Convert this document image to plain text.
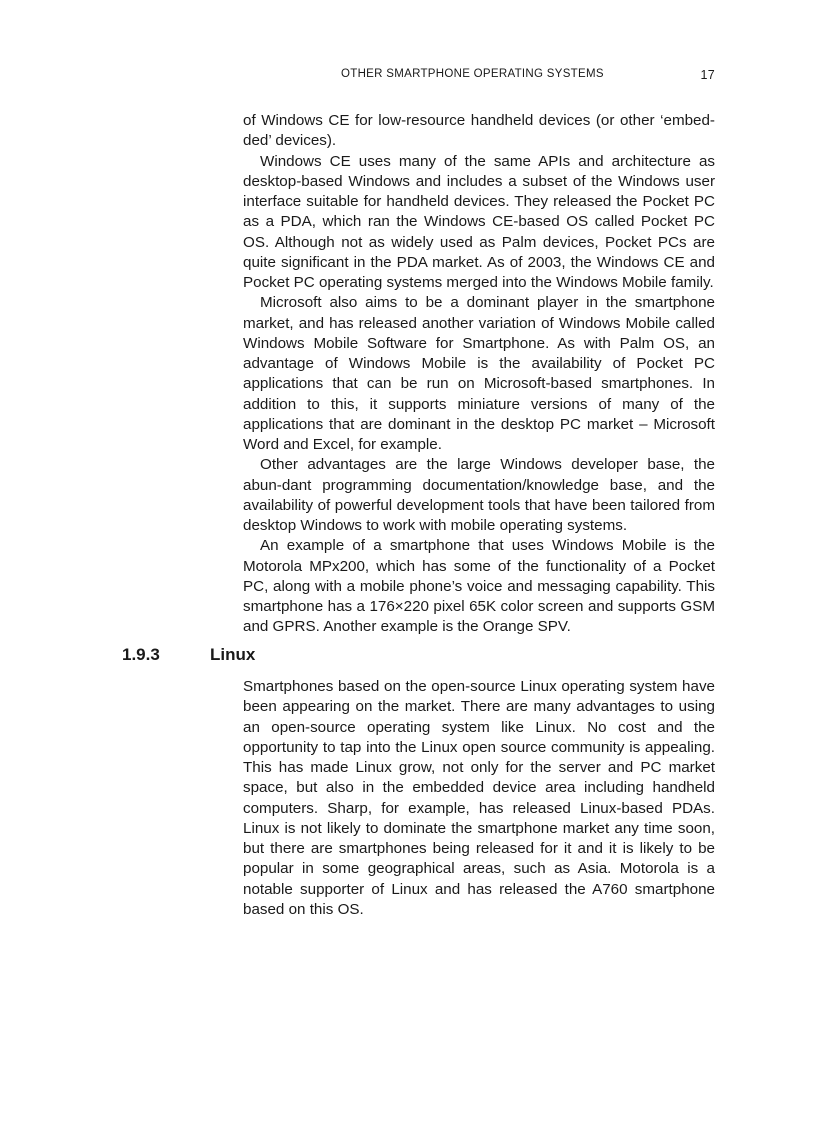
OTHER SMARTPHONE OPERATING SYSTEMS	17

of Windows CE for low-resource handheld devices (or other ‘embed-ded’ devices).

Windows CE uses many of the same APIs and architecture as desktop-based Windows and includes a subset of the Windows user interface suitable for handheld devices. They released the Pocket PC as a PDA, which ran the Windows CE-based OS called Pocket PC OS. Although not as widely used as Palm devices, Pocket PCs are quite significant in the PDA market. As of 2003, the Windows CE and Pocket PC operating systems merged into the Windows Mobile family.

Microsoft also aims to be a dominant player in the smartphone market, and has released another variation of Windows Mobile called Windows Mobile Software for Smartphone. As with Palm OS, an advantage of Windows Mobile is the availability of Pocket PC applications that can be run on Microsoft-based smartphones. In addition to this, it supports miniature versions of many of the applications that are dominant in the desktop PC market – Microsoft Word and Excel, for example.

Other advantages are the large Windows developer base, the abun-dant programming documentation/knowledge base, and the availability of powerful development tools that have been tailored from desktop Windows to work with mobile operating systems.

An example of a smartphone that uses Windows Mobile is the Motorola MPx200, which has some of the functionality of a Pocket PC, along with a mobile phone’s voice and messaging capability. This smartphone has a 176×220 pixel 65K color screen and supports GSM and GPRS. Another example is the Orange SPV.

1.9.3	Linux

Smartphones based on the open-source Linux operating system have been appearing on the market. There are many advantages to using an open-source operating system like Linux. No cost and the opportunity to tap into the Linux open source community is appealing. This has made Linux grow, not only for the server and PC market space, but also in the embedded device area including handheld computers. Sharp, for example, has released Linux-based PDAs. Linux is not likely to dominate the smartphone market any time soon, but there are smartphones being released for it and it is likely to be popular in some geographical areas, such as Asia. Motorola is a notable supporter of Linux and has released the A760 smartphone based on this OS.
